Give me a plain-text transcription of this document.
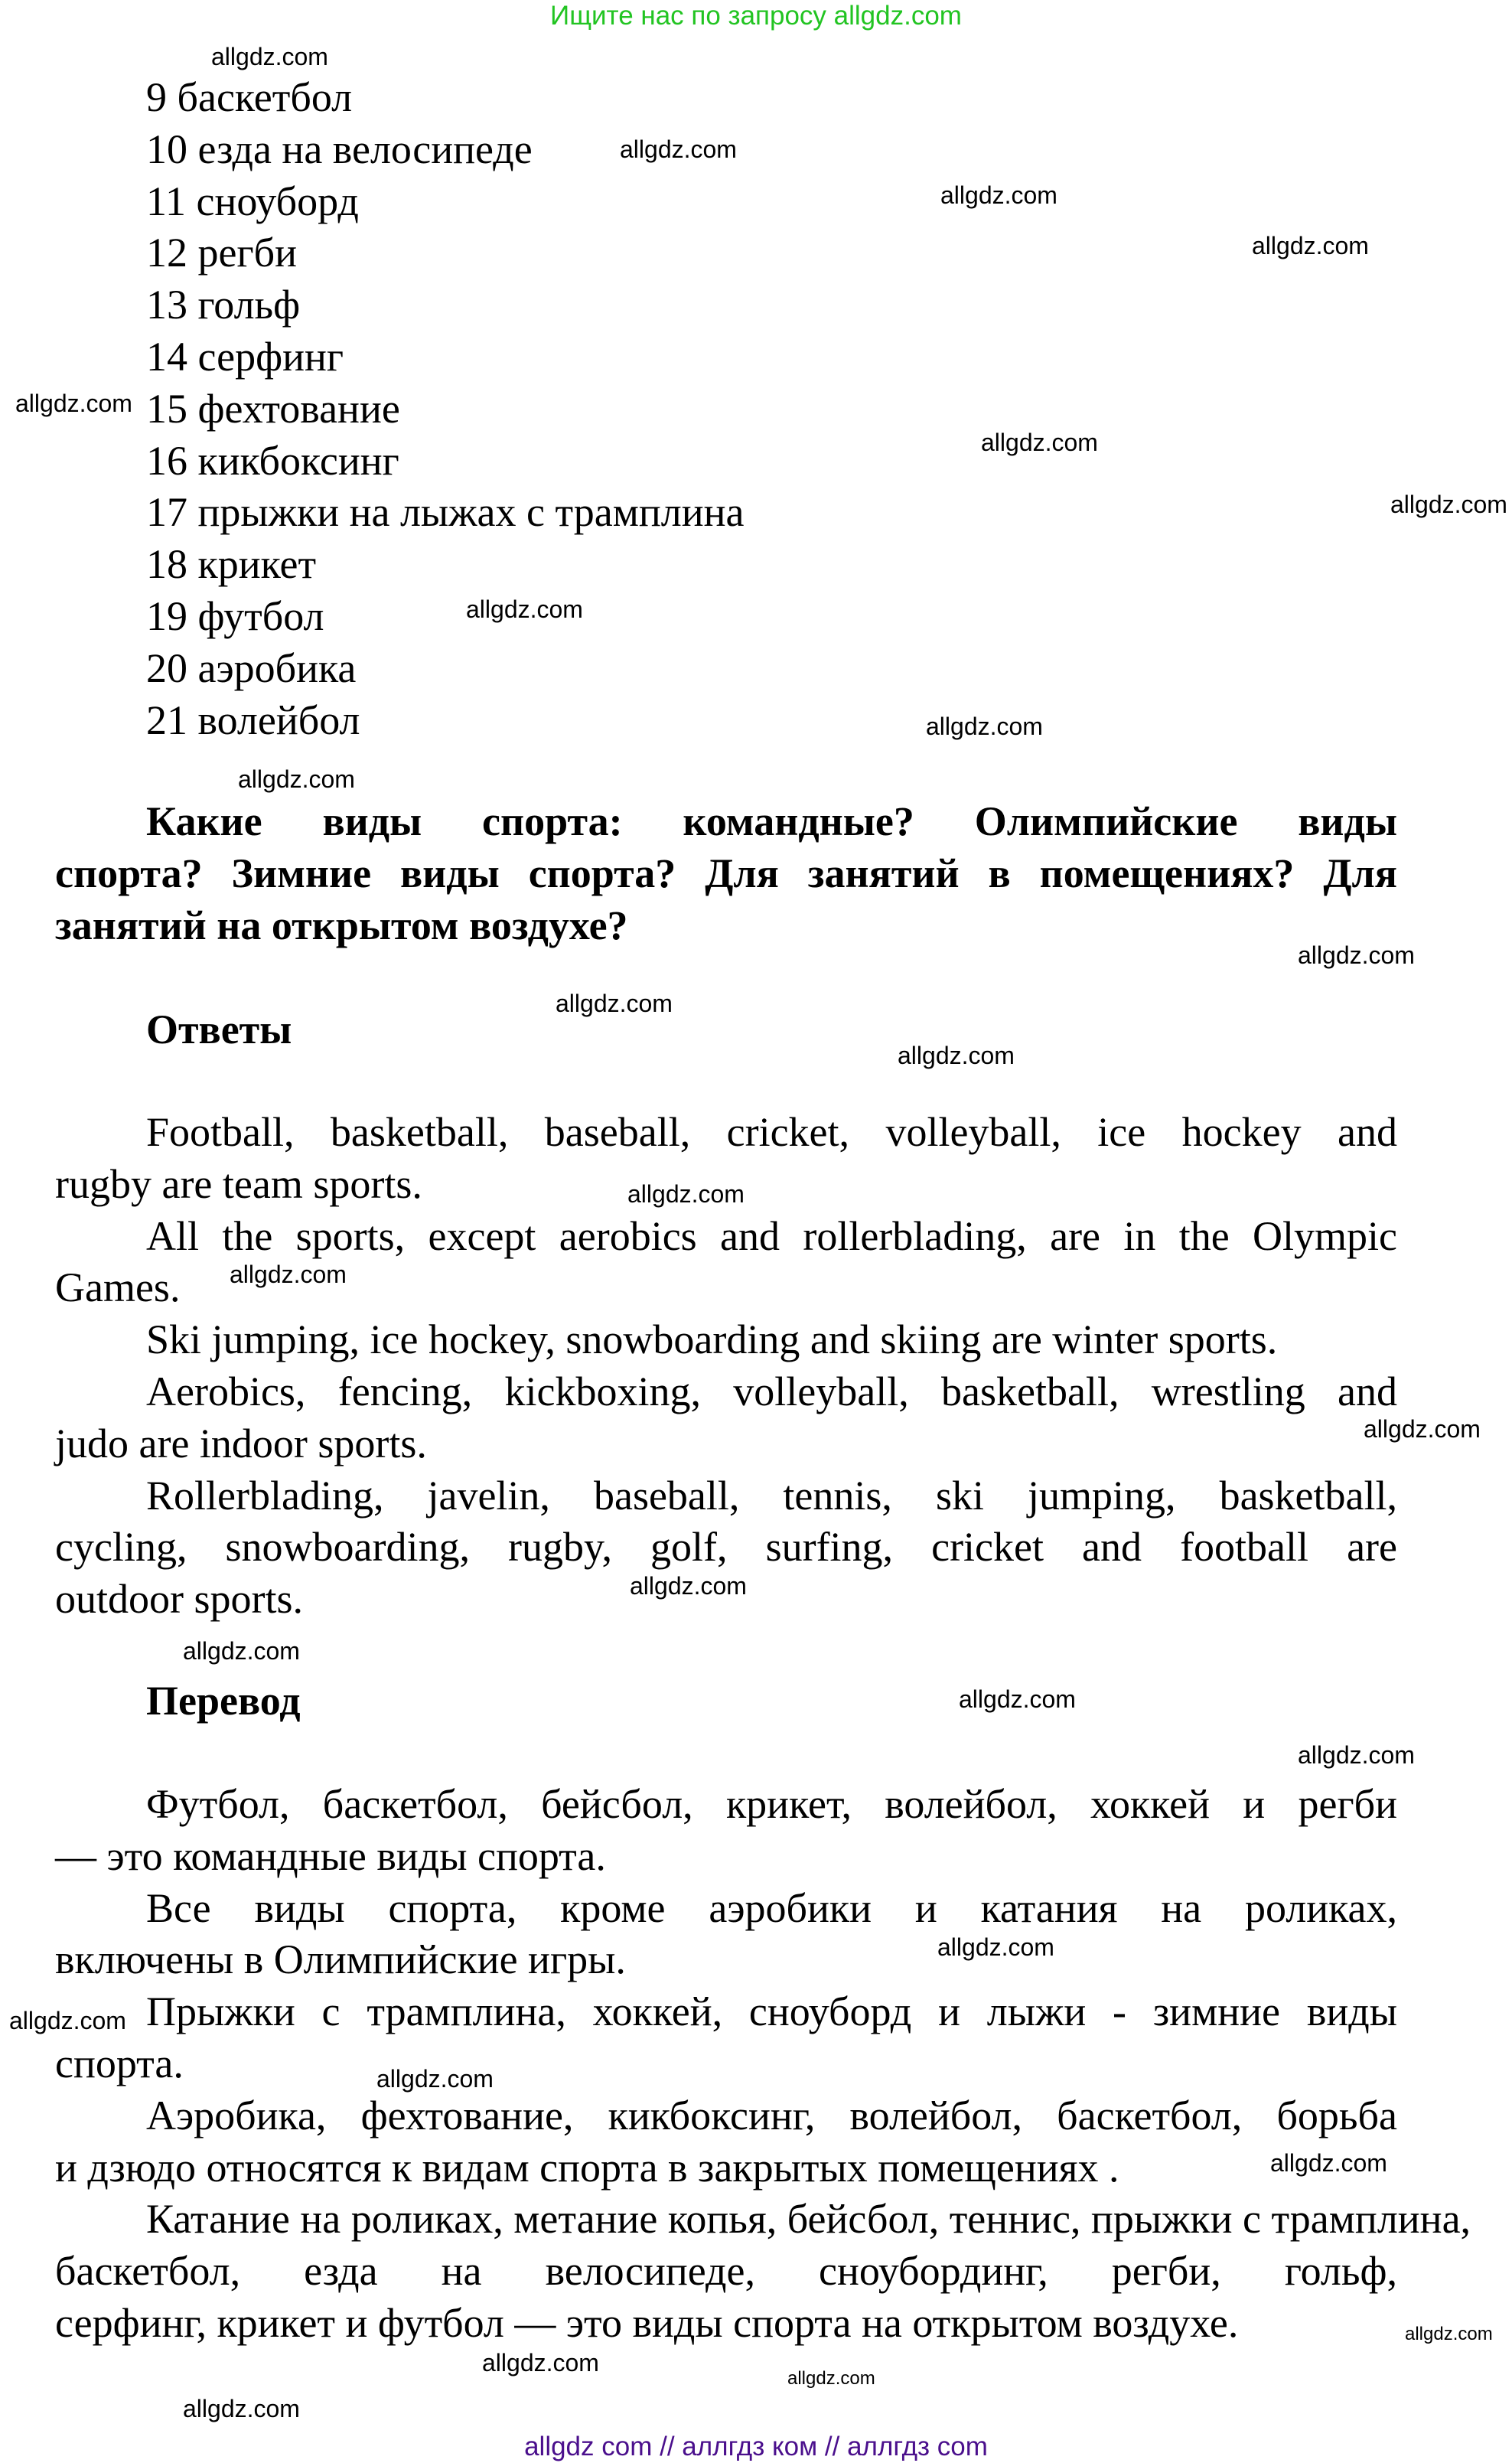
Ищите нас по запросу allgdz.com
9 баскетбол
10 езда на велосипеде
11 сноуборд
12 регби
13 гольф
14 серфинг
15 фехтование
16 кикбоксинг
17 прыжки на лыжах с трамплина
18 крикет
19 футбол
20 аэробика
21 волейбол

Какие виды спорта: командные? Олимпийские виды
спорта? Зимние виды спорта? Для занятий в помещениях? Для
занятий на открытом воздухе?

Ответы

Football, basketball, baseball, cricket, volleyball, ice hockey and
rugby are team sports.

All the sports, except aerobics and rollerblading, are in the Olympic
Games.

Ski jumping, ice hockey, snowboarding and skiing are winter sports.

Aerobics, fencing, kickboxing, volleyball, basketball, wrestling and
judo are indoor sports.

Rollerblading, javelin, baseball, tennis, ski jumping, basketball,
cycling, snowboarding, rugby, golf, surfing, cricket and football are
outdoor sports.

Перевод

Футбол, баскетбол, бейсбол, крикет, волейбол, хоккей и регби
— это командные виды спорта.

Все виды спорта, кроме аэробики и катания на роликах,
включены в Олимпийские игры.

Прыжки с трамплина, хоккей, сноуборд и лыжи - зимние виды
спорта.

Аэробика, фехтование, кикбоксинг, волейбол, баскетбол, борьба
и дзюдо относятся к видам спорта в закрытых помещениях .

Катание на роликах, метание копья, бейсбол, теннис, прыжки с трамплина,
баскетбол, езда на велосипеде, сноубординг, регби, гольф,
серфинг, крикет и футбол — это виды спорта на открытом воздухе.

allgdz.com
allgdz.com
allgdz.com
allgdz.com
allgdz.com
allgdz.com
allgdz.com
allgdz.com
allgdz.com
allgdz.com
allgdz.com
allgdz.com
allgdz.com
allgdz.com
allgdz.com
allgdz.com
allgdz.com
allgdz.com
allgdz.com
allgdz.com
allgdz.com
allgdz.com
allgdz.com
allgdz.com
allgdz.com
allgdz.com
allgdz.com
allgdz.com
allgdz com // аллгдз ком // аллгдз com
